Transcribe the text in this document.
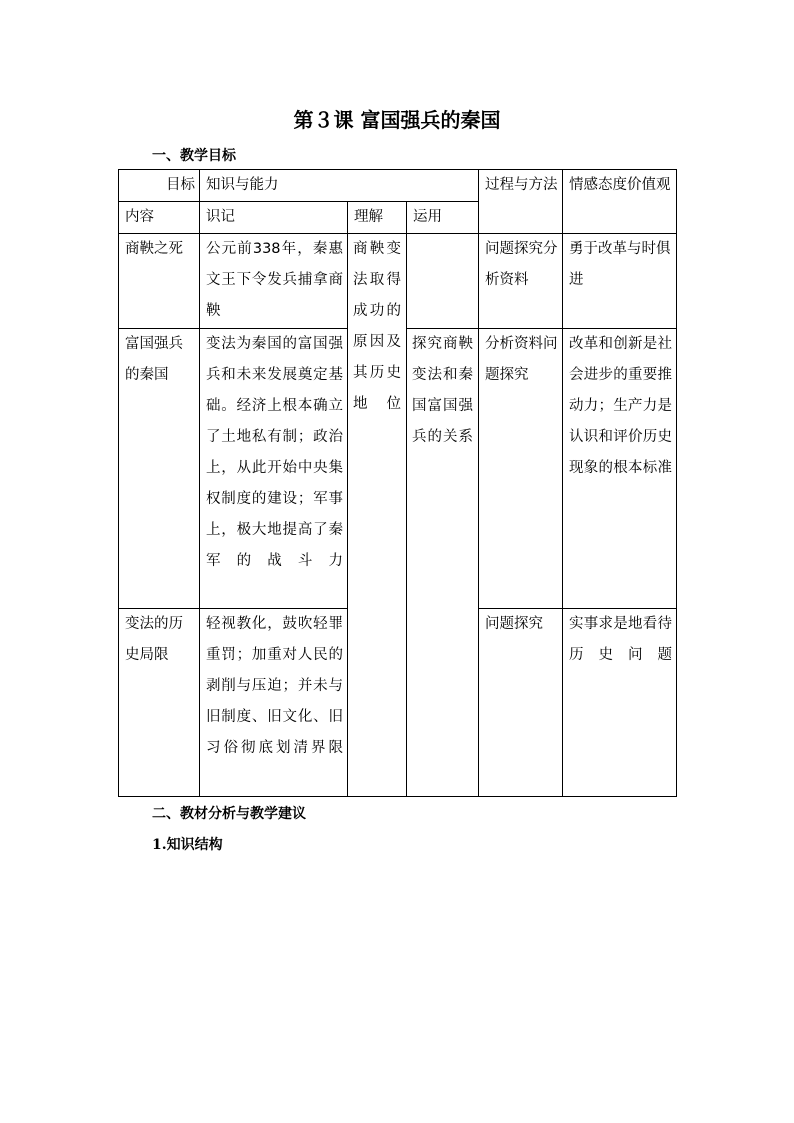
第３课 富国强兵的秦国
一、教学目标
目标	知识与能力			过程与方法	情感态度价值观
内容	识记	理解	运用		
商鞅之死	公元前338年，秦惠文王下令发兵捕拿商鞅	商鞅变法取得成功的原因及其历史地位		问题探究分析资料	勇于改革与时俱进
富国强兵的秦国	变法为秦国的富国强兵和未来发展奠定基础。经济上根本确立了土地私有制；政治上，从此开始中央集权制度的建设；军事上，极大地提高了秦军的战斗力		探究商鞅变法和秦国富国强兵的关系	分析资料问题探究	改革和创新是社会进步的重要推动力；生产力是认识和评价历史现象的根本标准
变法的历史局限	轻视教化，鼓吹轻罪重罚；加重对人民的剥削与压迫；并未与旧制度、旧文化、旧习俗彻底划清界限			问题探究	实事求是地看待历史问题
二、教材分析与教学建议
1.知识结构
